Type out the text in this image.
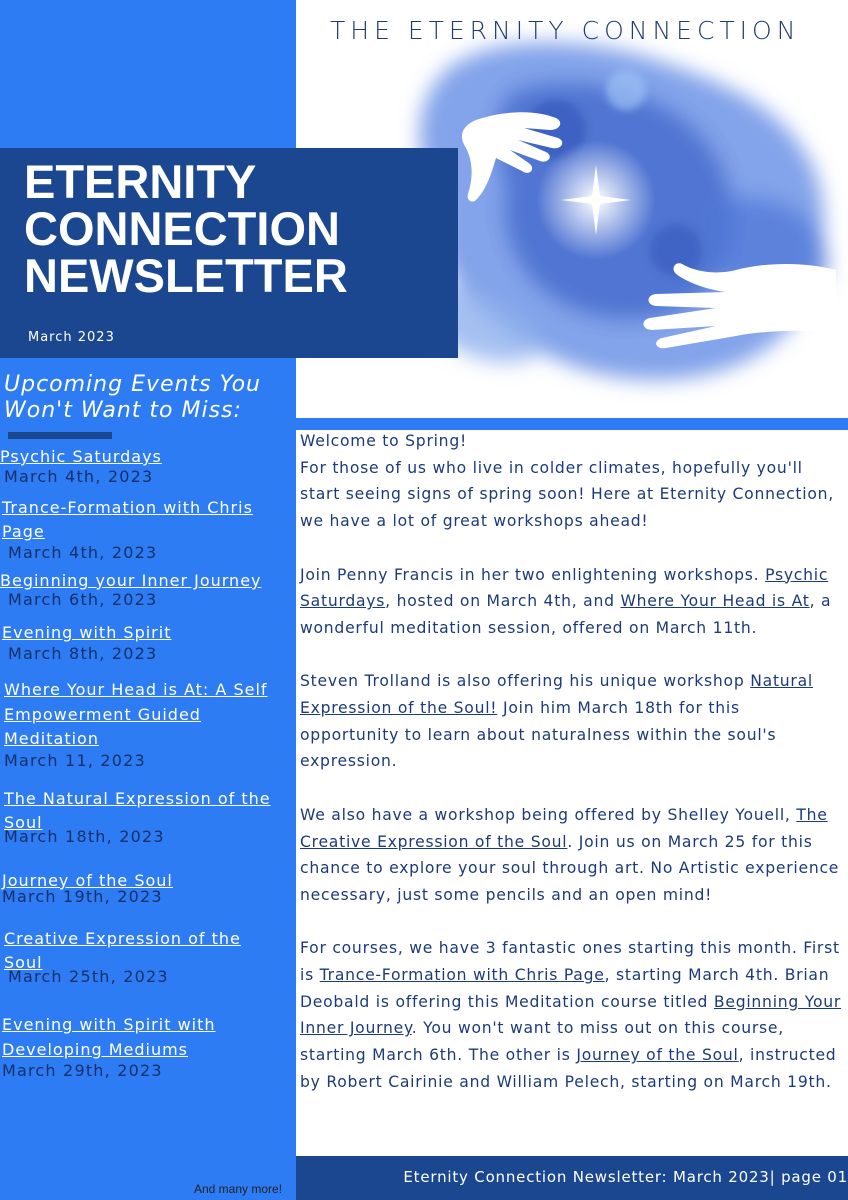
THE ETERNITY CONNECTION
ETERNITY
CONNECTION
NEWSLETTER
March 2023
Upcoming Events You Won't Want to Miss:
Psychic Saturdays
March 4th, 2023
Trance-Formation with Chris
Page
March 4th, 2023
Beginning your Inner Journey
March 6th, 2023
Evening with Spirit
March 8th, 2023
Where Your Head is At: A Self
Empowerment Guided
Meditation
March 11, 2023
The Natural Expression of the
Soul
March 18th, 2023
Journey of the Soul
March 19th, 2023
Creative Expression of the
Soul
March 25th, 2023
Evening with Spirit with
Developing Mediums
March 29th, 2023
And many more!

Welcome to Spring!
For those of us who live in colder climates, hopefully you'll start seeing signs of spring soon! Here at Eternity Connection, we have a lot of great workshops ahead!

Join Penny Francis in her two enlightening workshops. Psychic Saturdays, hosted on March 4th, and Where Your Head is At, a wonderful meditation session, offered on March 11th.

Steven Trolland is also offering his unique workshop Natural Expression of the Soul! Join him March 18th for this opportunity to learn about naturalness within the soul's expression.

We also have a workshop being offered by Shelley Youell, The Creative Expression of the Soul. Join us on March 25 for this chance to explore your soul through art. No Artistic experience necessary, just some pencils and an open mind!

For courses, we have 3 fantastic ones starting this month. First is Trance-Formation with Chris Page, starting March 4th. Brian Deobald is offering this Meditation course titled Beginning Your Inner Journey. You won't want to miss out on this course, starting March 6th. The other is Journey of the Soul, instructed by Robert Cairinie and William Pelech, starting on March 19th.

Eternity Connection Newsletter: March 2023| page 01
